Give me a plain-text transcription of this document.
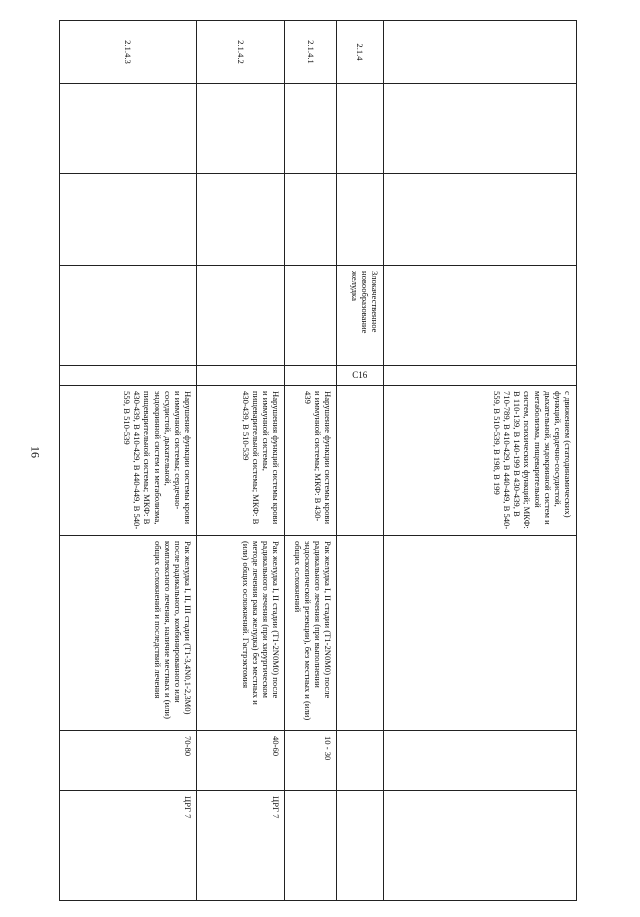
16
						с движением (статодинамических) функций, сердечно-сосудистой, дыхательной, эндокринной систем и метаболизма, пищеварительной систем, психических функций; МКФ: В 110-139, В 140-199 В 430-439, В 710-789, В 410-429, В 440-449, В 540-559, В 510-539, В 198, В 199			
2.1.4			Злокачественное новообразование желудка	С16				
2.1.4.1					Нарушение функции системы крови и иммунной системы; МКФ: В 430-439	Рак желудка I, II стадии (T1-2N0M0) после радикального лечения (при выполнении эндоскопической резекции), без местных и (или) общих осложнений	10 - 30	
2.1.4.2					Нарушения функций системы крови и иммунной системы, пищеварительной системы; МКФ: В 430-439, В 510-539	Рак желудка I, II стадии (T1-2N0M0) после радикального лечения (при хирургическом методе лечения рака желудка) без местных и (или) общих осложнений. Гастрэктомия	40-60	ЦРГ 7
2.1.4.3					Нарушение функции системы крови и иммунной системы; сердечно-сосудистой, дыхательной, эндокринной систем и метаболизма, пищеварительной системы; МКФ: В 430-439, В 410-429, В 440-449, В 540-559, В 510-539	Рак желудка I, II, III стадии (T1-3,4N0,1-2,3M0) после радикального, комбинированного или комплексного лечения, наличие местных и (или) общих осложнений и последствий лечения	70-80	ЦРГ 7
